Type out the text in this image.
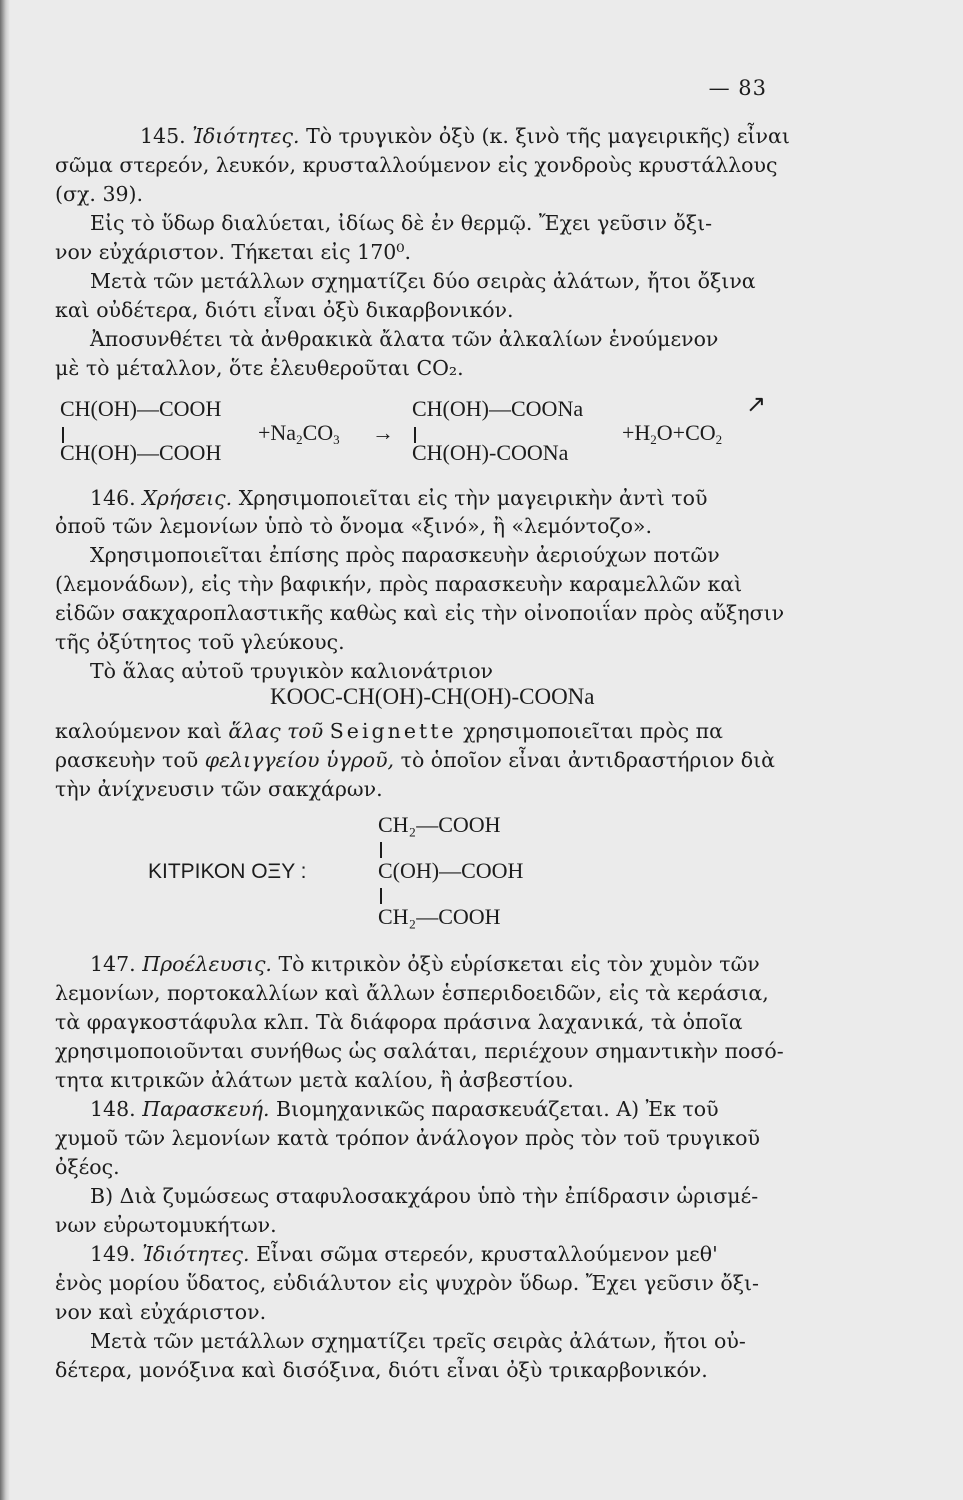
— 83
145. Ἰδιότητες. Τὸ τρυγικὸν ὀξὺ (κ. ξινὸ τῆς μαγειρικῆς) εἶναι
σῶμα στερεόν, λευκόν, κρυσταλλούμενον εἰς χονδροὺς κρυστάλλους
(σχ. 39).
Εἰς τὸ ὕδωρ διαλύεται, ἰδίως δὲ ἐν θερμῷ. Ἔχει γεῦσιν ὄξι-
νον εὐχάριστον. Τήκεται εἰς 170⁰.
Μετὰ τῶν μετάλλων σχηματίζει δύο σειρὰς ἀλάτων, ἤτοι ὄξινα
καὶ οὐδέτερα, διότι εἶναι ὀξὺ δικαρβονικόν.
Ἀποσυνθέτει τὰ ἀνθρακικὰ ἄλατα τῶν ἀλκαλίων ἑνούμενον
μὲ τὸ μέταλλον, ὅτε ἐλευθεροῦται CO₂.
CH(OH)—COOH
CH(OH)—COOH
$+Na_2CO_3$ →
CH(OH)—COONa
CH(OH)-COONa
$+H_2O+CO_2$
↗
146. Χρήσεις. Χρησιμοποιεῖται εἰς τὴν μαγειρικὴν ἀντὶ τοῦ
ὀποῦ τῶν λεμονίων ὑπὸ τὸ ὄνομα «ξινό», ἢ «λεμόντοζο».
Χρησιμοποιεῖται ἐπίσης πρὸς παρασκευὴν ἀεριούχων ποτῶν
(λεμονάδων), εἰς τὴν βαφικήν, πρὸς παρασκευὴν καραμελλῶν καὶ
εἰδῶν σακχαροπλαστικῆς καθὼς καὶ εἰς τὴν οἰνοποιΐαν πρὸς αὔξησιν
τῆς ὀξύτητος τοῦ γλεύκους.
Τὸ ἅλας αὐτοῦ τρυγικὸν καλιονάτριον
KOOC-CH(OH)-CH(OH)-COONa
καλούμενον καὶ ἅλας τοῦ Seignette χρησιμοποιεῖται πρὸς πα
ρασκευὴν τοῦ φελιγγείου ὑγροῦ, τὸ ὁποῖον εἶναι ἀντιδραστήριον διὰ
τὴν ἀνίχνευσιν τῶν σακχάρων.
ΚΙΤΡΙΚΟΝ ΟΞΥ :
CH₂—COOH
C(OH)—COOH
CH₂—COOH
147. Προέλευσις. Τὸ κιτρικὸν ὀξὺ εὑρίσκεται εἰς τὸν χυμὸν τῶν
λεμονίων, πορτοκαλλίων καὶ ἄλλων ἑσπεριδοειδῶν, εἰς τὰ κεράσια,
τὰ φραγκοστάφυλα κλπ. Τὰ διάφορα πράσινα λαχανικά, τὰ ὁποῖα
χρησιμοποιοῦνται συνήθως ὡς σαλάται, περιέχουν σημαντικὴν ποσό-
τητα κιτρικῶν ἀλάτων μετὰ καλίου, ἢ ἀσβεστίου.
148. Παρασκευή. Βιομηχανικῶς παρασκευάζεται. Α) Ἐκ τοῦ
χυμοῦ τῶν λεμονίων κατὰ τρόπον ἀνάλογον πρὸς τὸν τοῦ τρυγικοῦ
ὀξέος.
Β) Διὰ ζυμώσεως σταφυλοσακχάρου ὑπὸ τὴν ἐπίδρασιν ὡρισμέ-
νων εὐρωτομυκήτων.
149. Ἰδιότητες. Εἶναι σῶμα στερεόν, κρυσταλλούμενον μεθ'
ἑνὸς μορίου ὕδατος, εὐδιάλυτον εἰς ψυχρὸν ὕδωρ. Ἔχει γεῦσιν ὄξι-
νον καὶ εὐχάριστον.
Μετὰ τῶν μετάλλων σχηματίζει τρεῖς σειρὰς ἀλάτων, ἤτοι οὐ-
δέτερα, μονόξινα καὶ δισόξινα, διότι εἶναι ὀξὺ τρικαρβονικόν.
